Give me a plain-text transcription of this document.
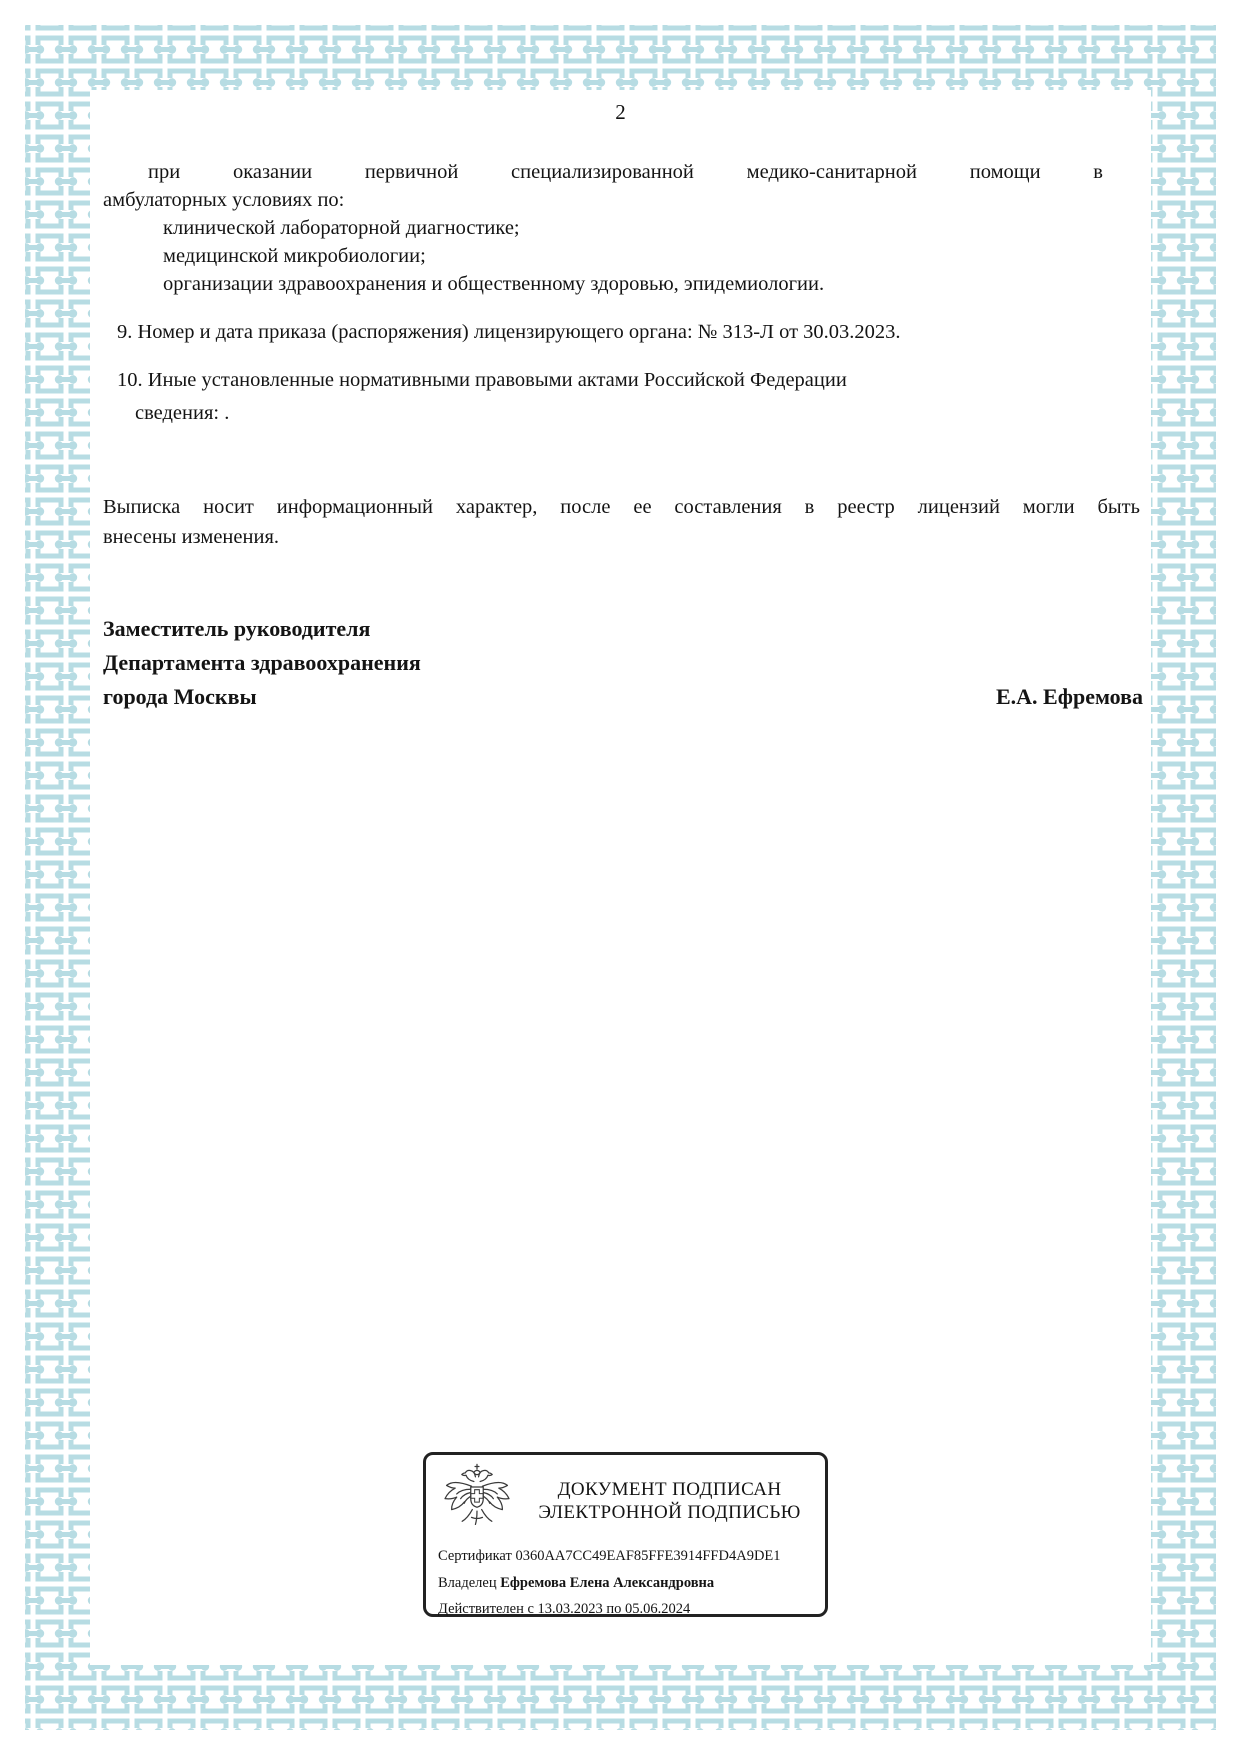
2
при оказании первичной специализированной медико-санитарной помощи в
амбулаторных условиях по:
клинической лабораторной диагностике;
медицинской микробиологии;
организации здравоохранения и общественному здоровью, эпидемиологии.
9. Номер и дата приказа (распоряжения) лицензирующего органа: № 313-Л от 30.03.2023.
10. Иные установленные нормативными правовыми актами Российской Федерации
сведения: .
Выписка носит информационный характер, после ее составления в реестр лицензий могли быть
внесены изменения.
Заместитель руководителя
Департамента здравоохранения
города Москвы	Е.А. Ефремова
ДОКУМЕНТ ПОДПИСАН
ЭЛЕКТРОННОЙ ПОДПИСЬЮ
Сертификат 0360AA7CC49EAF85FFE3914FFD4A9DE1
Владелец Ефремова Елена Александровна
Действителен с 13.03.2023 по 05.06.2024
